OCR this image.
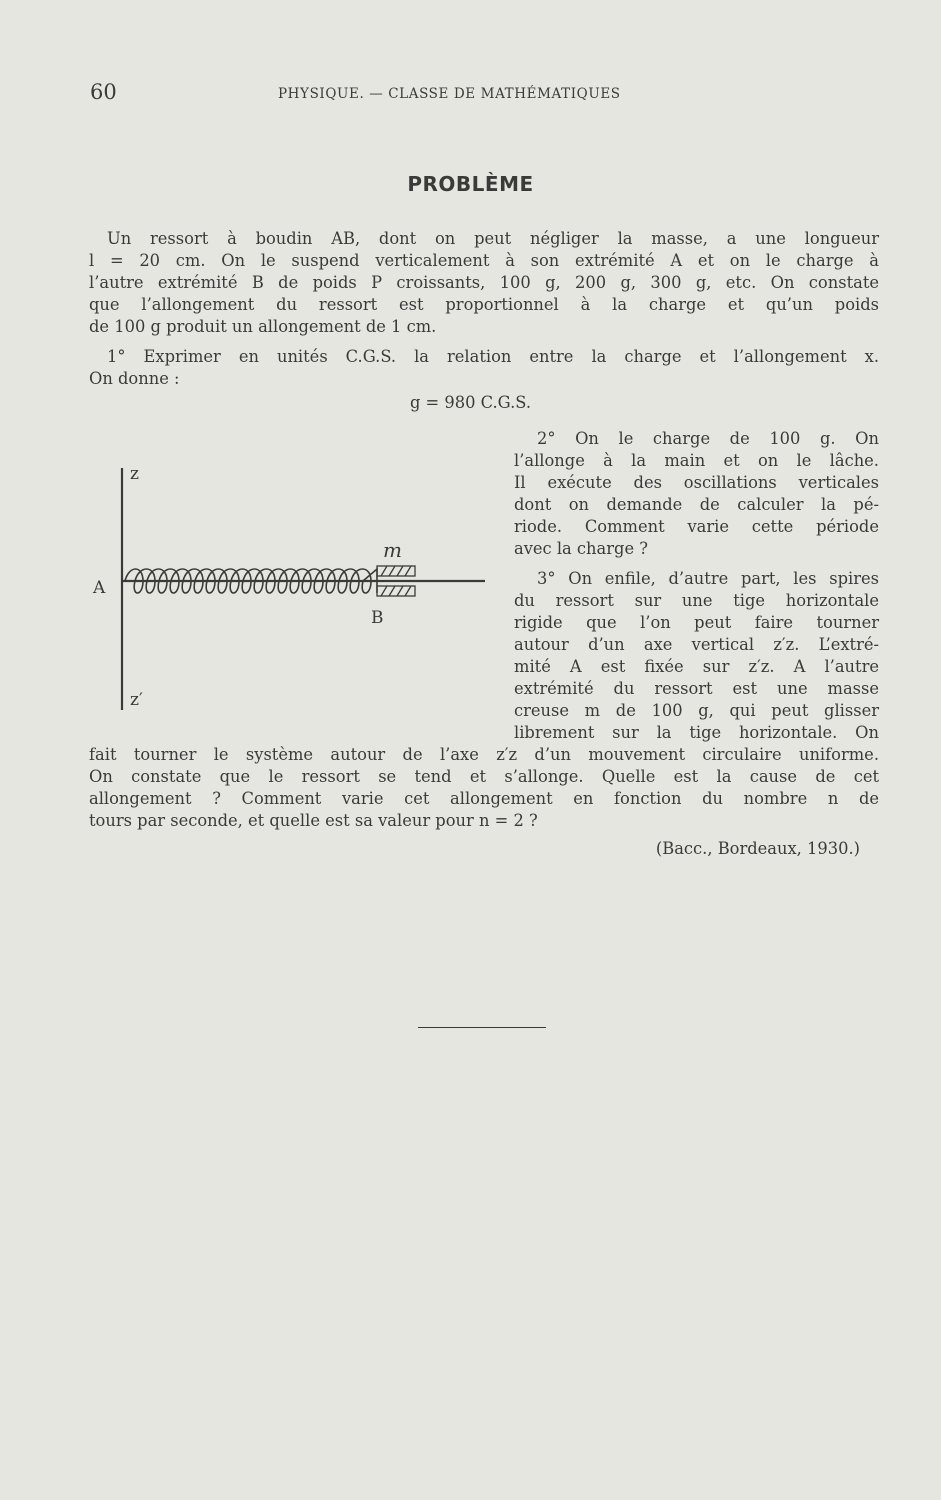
60	PHYSIQUE. — CLASSE DE MATHÉMATIQUES
PROBLÈME
Un ressort à boudin AB, dont on peut négliger la masse, a une longueur
l = 20 cm. On le suspend verticalement à son extrémité A et on le charge à
l’autre extrémité B de poids P croissants, 100 g, 200 g, 300 g, etc. On constate
que l’allongement du ressort est proportionnel à la charge et qu’un poids
de 100 g produit un allongement de 1 cm.
1° Exprimer en unités C.G.S. la relation entre la charge et l’allongement x.
On donne :
g = 980 C.G.S.
2° On le charge de 100 g. On
l’allonge à la main et on le lâche.
Il exécute des oscillations verticales
dont on demande de calculer la pé-
riode. Comment varie cette période
avec la charge ?
3° On enfile, d’autre part, les spires
du ressort sur une tige horizontale
rigide que l’on peut faire tourner
autour d’un axe vertical z′z. L’extré-
mité A est fixée sur z′z. A l’autre
extrémité du ressort est une masse
creuse m de 100 g, qui peut glisser
librement sur la tige horizontale. On
fait tourner le système autour de l’axe z′z d’un mouvement circulaire uniforme.
On constate que le ressort se tend et s’allonge. Quelle est la cause de cet
allongement ? Comment varie cet allongement en fonction du nombre n de
tours par seconde, et quelle est sa valeur pour n = 2 ?
(Bacc., Bordeaux, 1930.)
z
z′
A
B
m
